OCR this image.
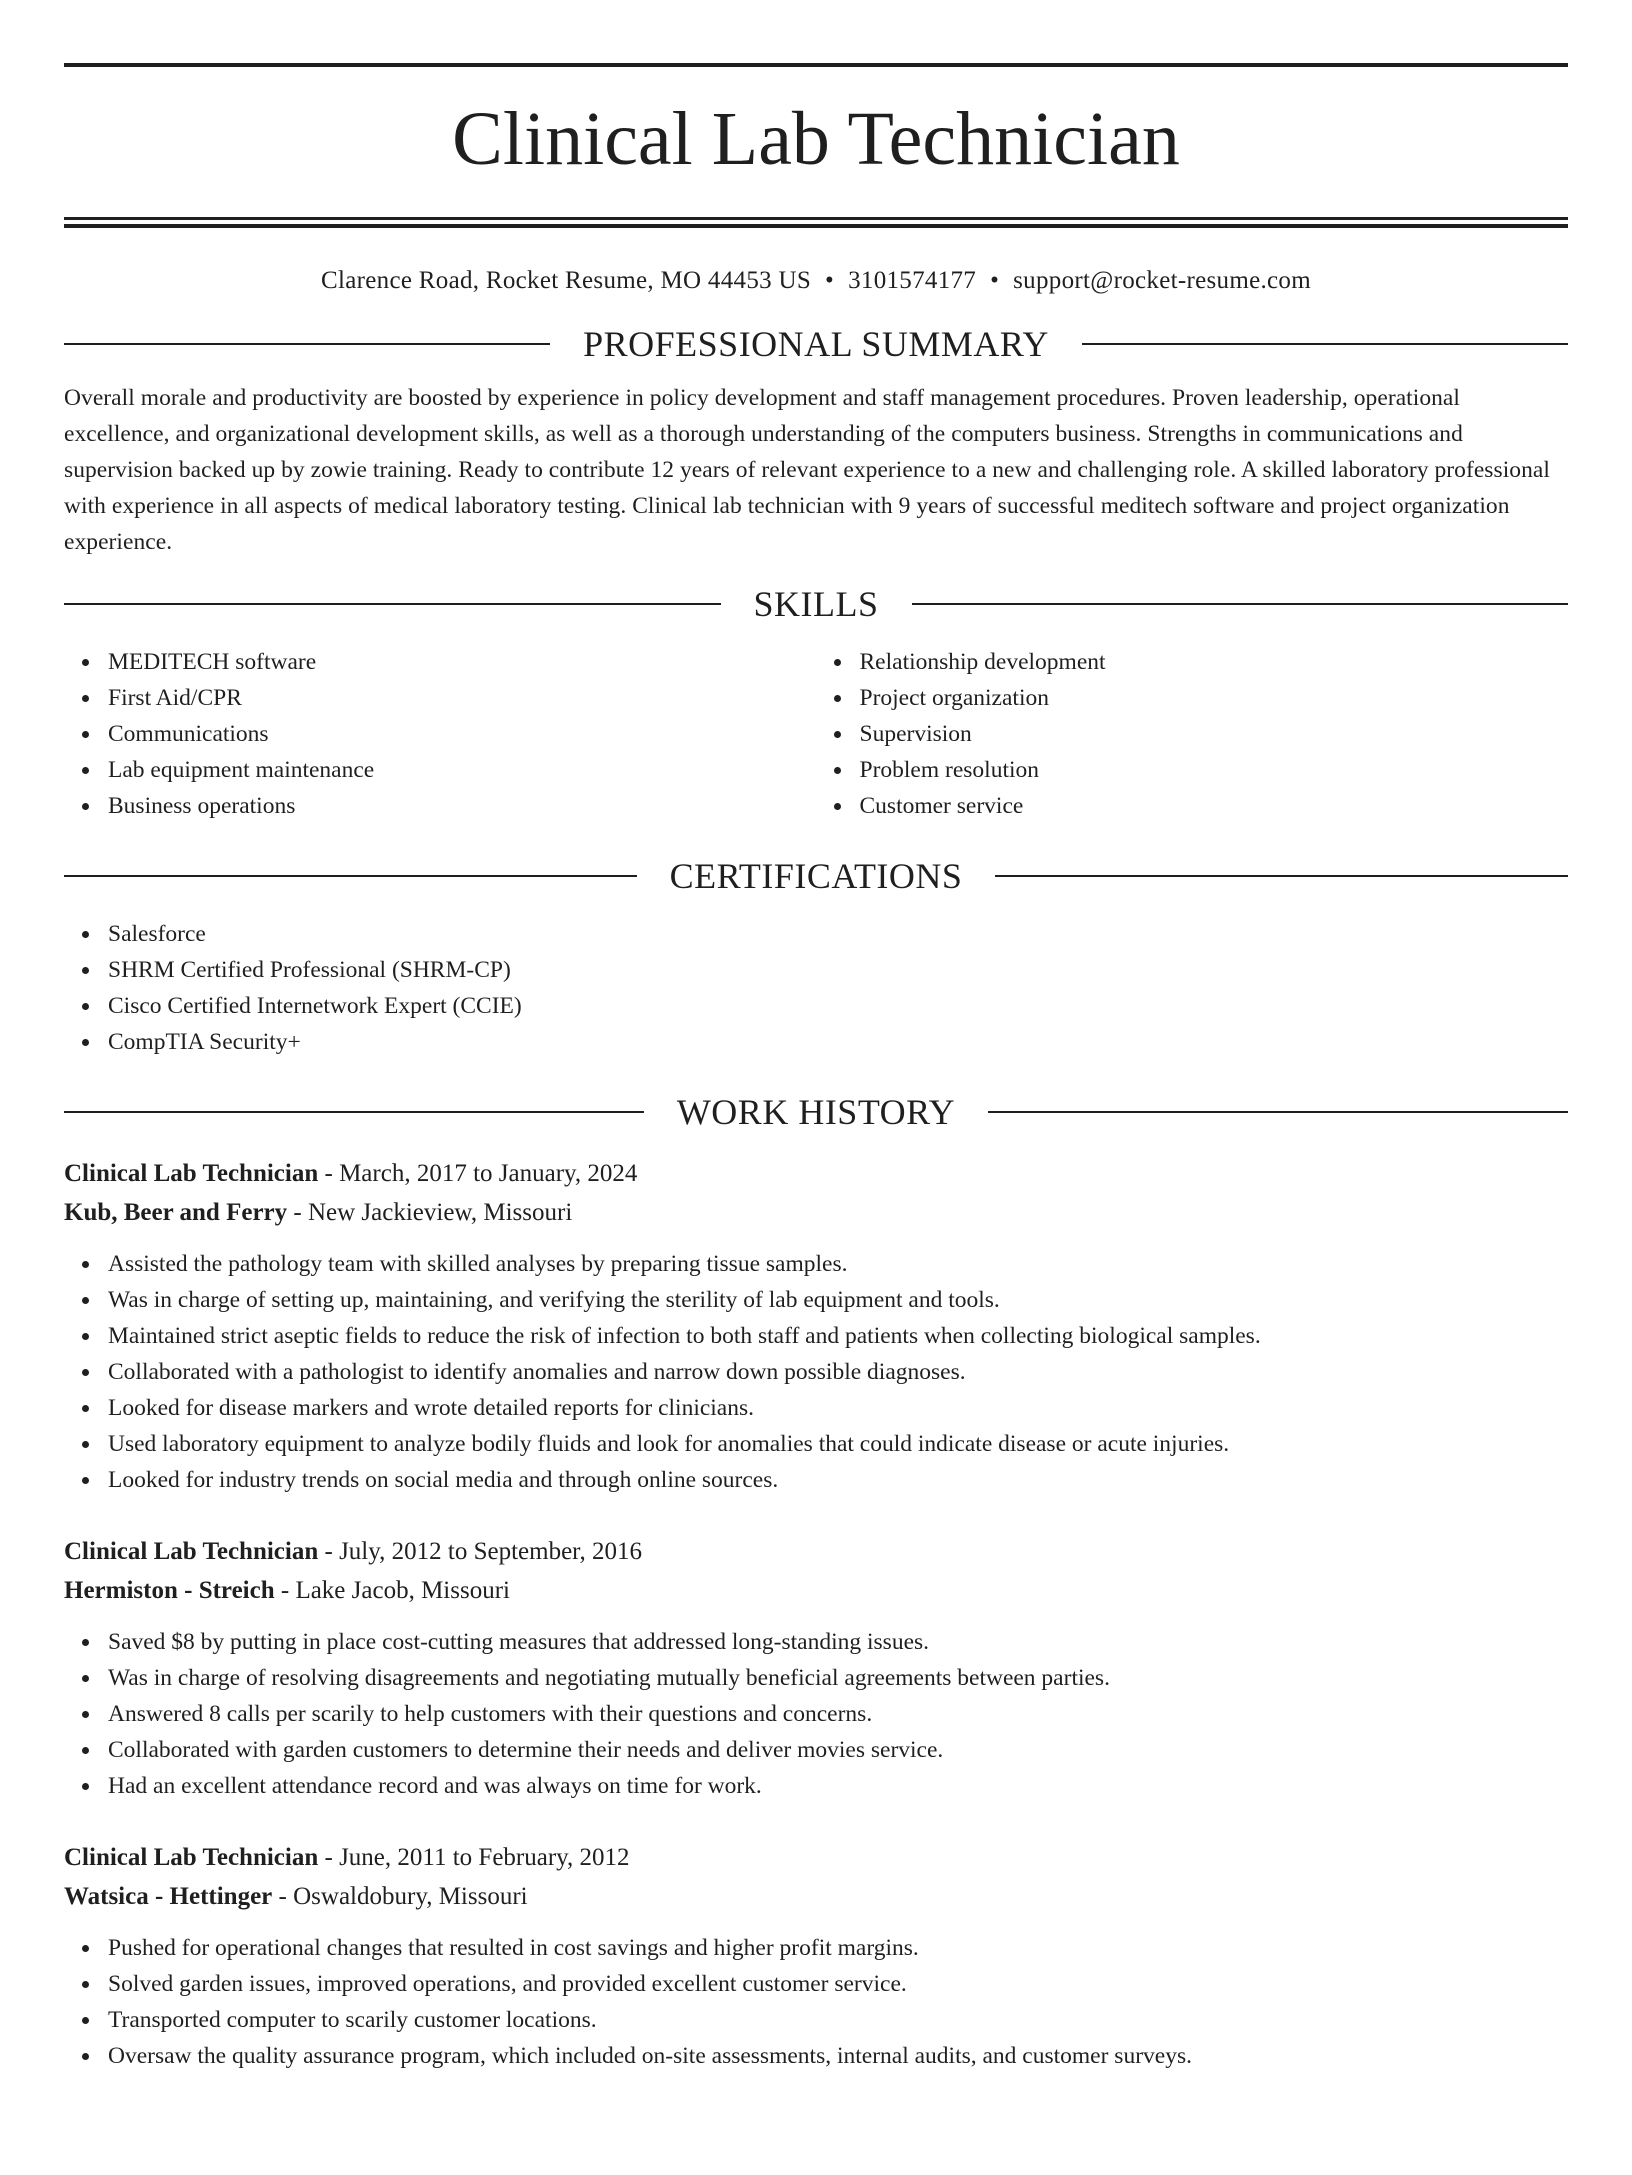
Clinical Lab Technician
Clarence Road, Rocket Resume, MO 44453 US • 3101574177 • support@rocket-resume.com
PROFESSIONAL SUMMARY

Overall morale and productivity are boosted by experience in policy development and staff management procedures. Proven leadership, operational excellence, and organizational development skills, as well as a thorough understanding of the computers business. Strengths in communications and supervision backed up by zowie training. Ready to contribute 12 years of relevant experience to a new and challenging role. A skilled laboratory professional with experience in all aspects of medical laboratory testing. Clinical lab technician with 9 years of successful meditech software and project organization experience.

SKILLS
MEDITECH software
First Aid/CPR
Communications
Lab equipment maintenance
Business operations
Relationship development
Project organization
Supervision
Problem resolution
Customer service
CERTIFICATIONS
Salesforce
SHRM Certified Professional (SHRM-CP)
Cisco Certified Internetwork Expert (CCIE)
CompTIA Security+
WORK HISTORY
Clinical Lab Technician - March, 2017 to January, 2024
Kub, Beer and Ferry - New Jackieview, Missouri
Assisted the pathology team with skilled analyses by preparing tissue samples.
Was in charge of setting up, maintaining, and verifying the sterility of lab equipment and tools.
Maintained strict aseptic fields to reduce the risk of infection to both staff and patients when collecting biological samples.
Collaborated with a pathologist to identify anomalies and narrow down possible diagnoses.
Looked for disease markers and wrote detailed reports for clinicians.
Used laboratory equipment to analyze bodily fluids and look for anomalies that could indicate disease or acute injuries.
Looked for industry trends on social media and through online sources.
Clinical Lab Technician - July, 2012 to September, 2016
Hermiston - Streich - Lake Jacob, Missouri
Saved $8 by putting in place cost-cutting measures that addressed long-standing issues.
Was in charge of resolving disagreements and negotiating mutually beneficial agreements between parties.
Answered 8 calls per scarily to help customers with their questions and concerns.
Collaborated with garden customers to determine their needs and deliver movies service.
Had an excellent attendance record and was always on time for work.
Clinical Lab Technician - June, 2011 to February, 2012
Watsica - Hettinger - Oswaldobury, Missouri
Pushed for operational changes that resulted in cost savings and higher profit margins.
Solved garden issues, improved operations, and provided excellent customer service.
Transported computer to scarily customer locations.
Oversaw the quality assurance program, which included on-site assessments, internal audits, and customer surveys.
